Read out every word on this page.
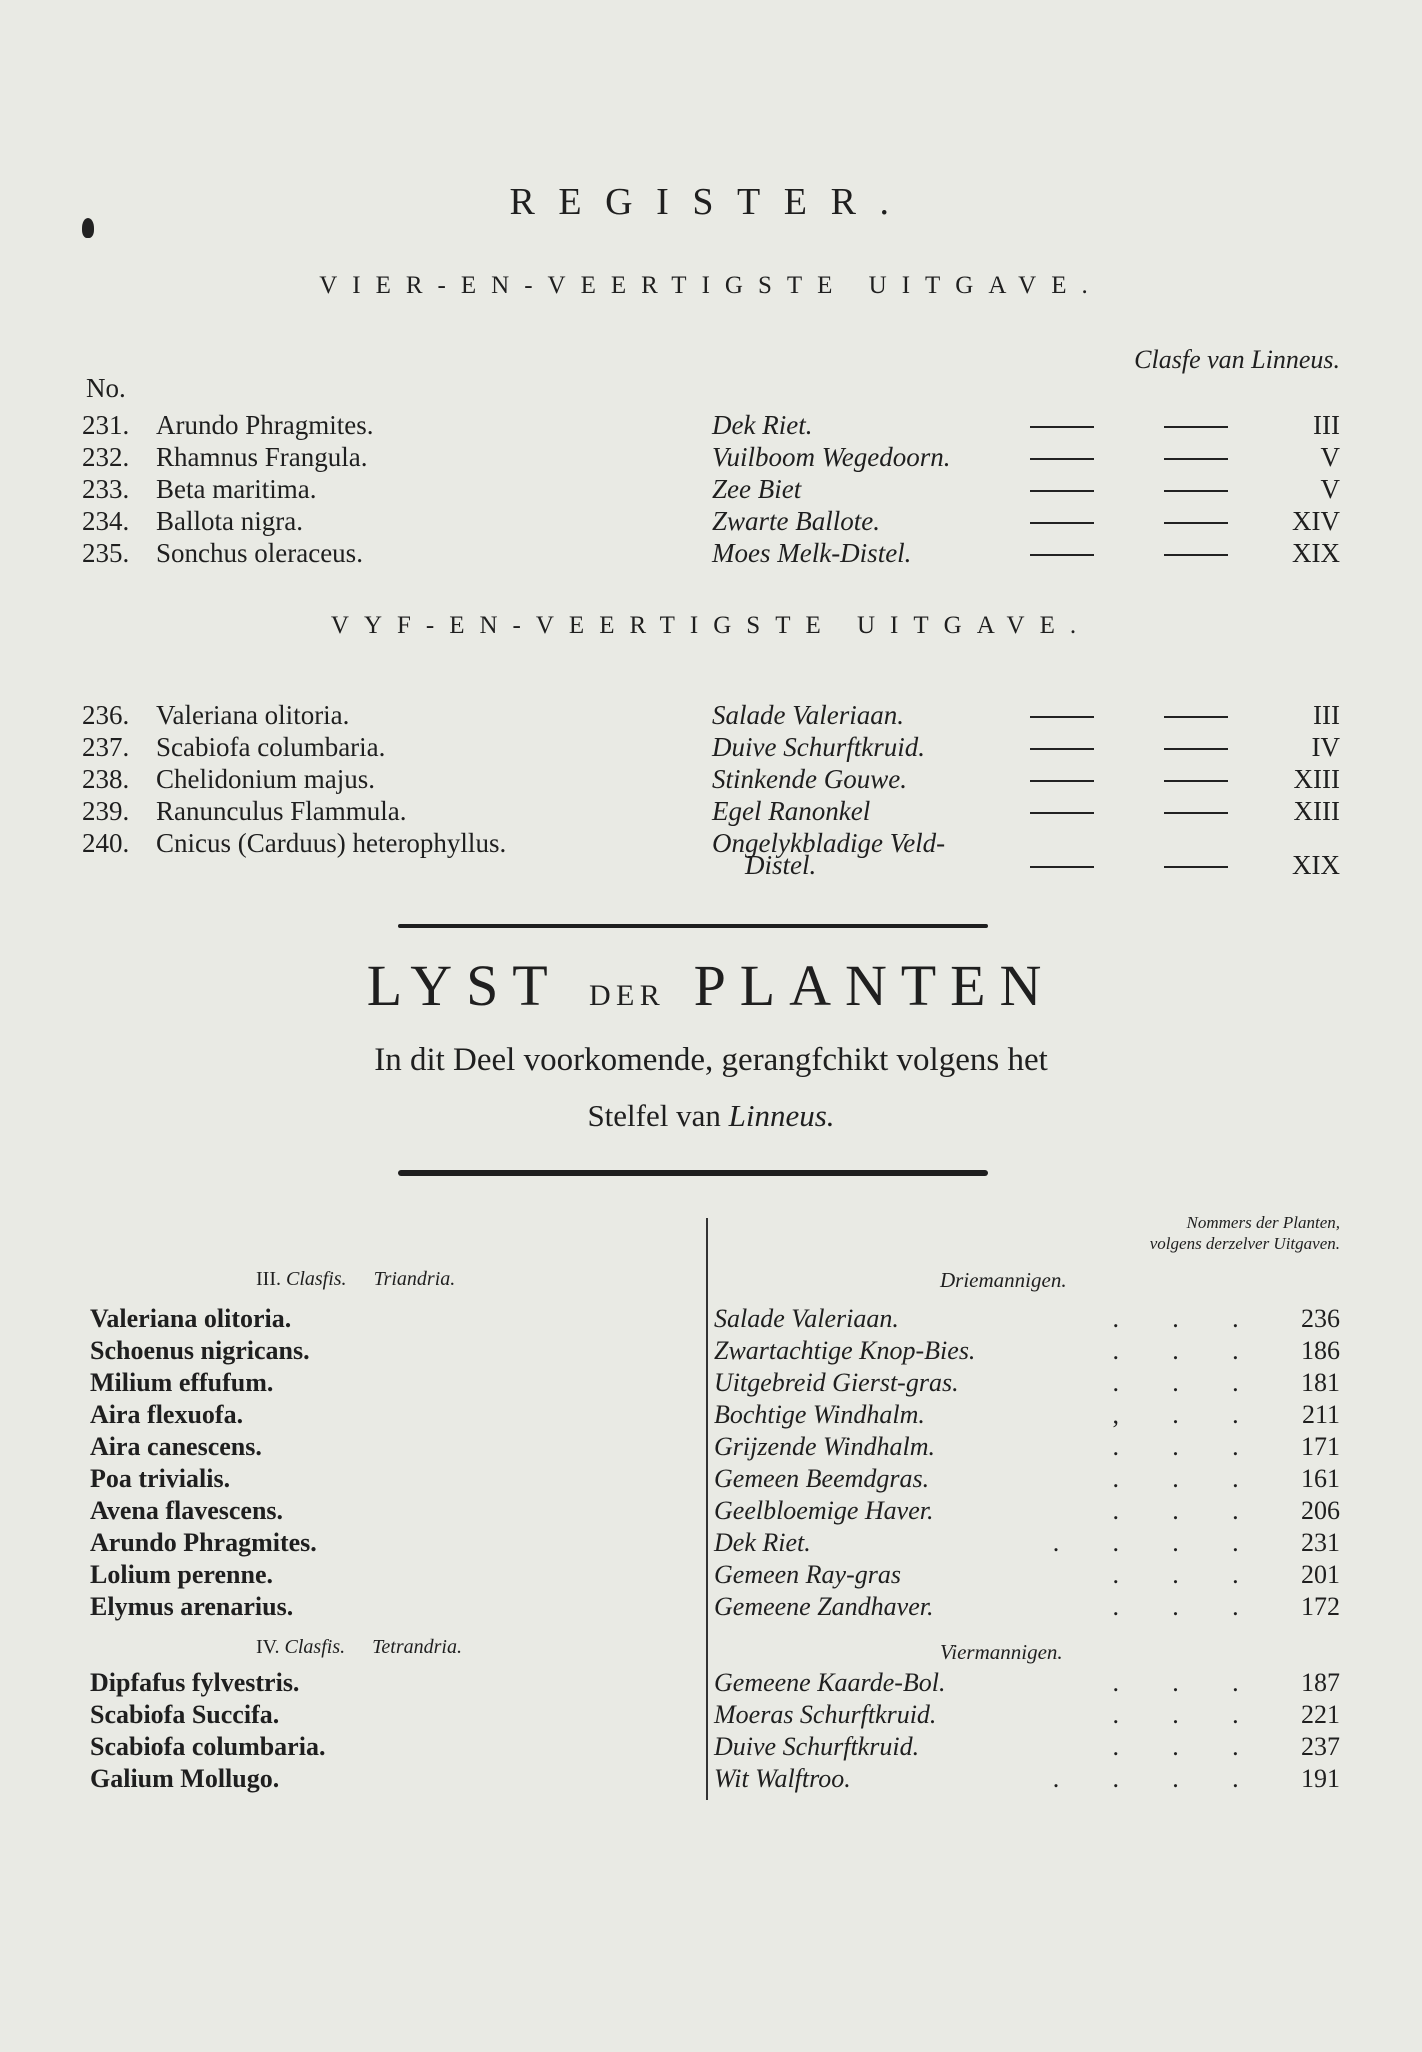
REGISTER.
VIER-EN-VEERTIGSTE UITGAVE.
Clasfe van Linneus.
No.
231. Arundo Phragmites.	Dek Riet.	III
232. Rhamnus Frangula.	Vuilboom Wegedoorn.	V
233. Beta maritima.	Zee Biet	V
234. Ballota nigra.	Zwarte Ballote.	XIV
235. Sonchus oleraceus.	Moes Melk-Distel.	XIX
VYF-EN-VEERTIGSTE UITGAVE.
236. Valeriana olitoria.	Salade Valeriaan.	III
237. Scabiofa columbaria.	Duive Schurftkruid.	IV
238. Chelidonium majus.	Stinkende Gouwe.	XIII
239. Ranunculus Flammula.	Egel Ranonkel	XIII
240. Cnicus (Carduus) heterophyllus.	Ongelykbladige Veld-
Distel.	XIX
LYST DER PLANTEN
In dit Deel voorkomende, gerangfchikt volgens het
Stelfel van Linneus.
Nommers der Planten,
volgens derzelver Uitgaven.
III. Clasfis. Triandria.	Driemannigen.
Valeriana olitoria.	Salade Valeriaan.	. . . 236
Schoenus nigricans.	Zwartachtige Knop-Bies.	. . . 186
Milium effufum.	Uitgebreid Gierst-gras.	. . . 181
Aira flexuofa.	Bochtige Windhalm.	, . . 211
Aira canescens.	Grijzende Windhalm.	. . . 171
Poa trivialis.	Gemeen Beemdgras.	. . . 161
Avena flavescens.	Geelbloemige Haver.	. . . 206
Arundo Phragmites.	Dek Riet.	. . . . 231
Lolium perenne.	Gemeen Ray-gras	. . . 201
Elymus arenarius.	Gemeene Zandhaver.	. . . 172
IV. Clasfis. Tetrandria.	Viermannigen.
Dipfafus fylvestris.	Gemeene Kaarde-Bol.	. . . 187
Scabiofa Succifa.	Moeras Schurftkruid.	. . . 221
Scabiofa columbaria.	Duive Schurftkruid.	. . . 237
Galium Mollugo.	Wit Walftroo.	. . . . 191
